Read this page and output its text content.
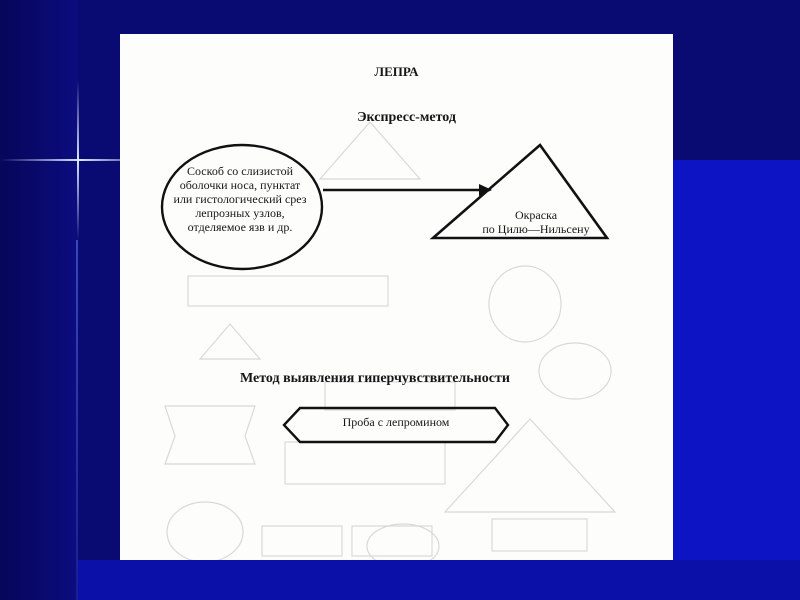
ЛЕПРА
Экспресс-метод
Соскоб со слизистой
оболочки носа, пунктат
или гистологический срез
лепрозных узлов,
отделяемое язв и др.
Окраска
по Цилю—Нильсену
Метод выявления гиперчувствительности
Проба с лепромином
